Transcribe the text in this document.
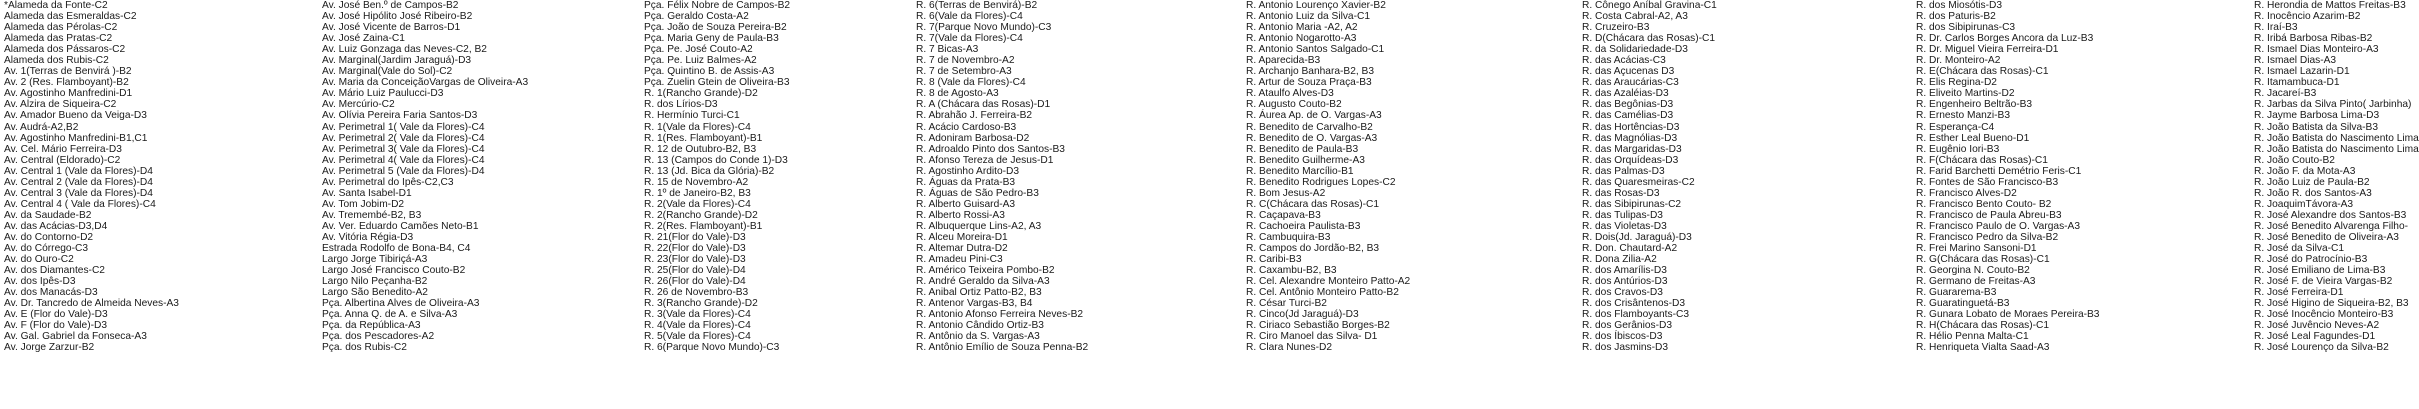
*Alameda da Fonte-C2
Alameda das Esmeraldas-C2
Alameda das Pérolas-C2
Alameda das Pratas-C2
Alameda dos Pássaros-C2
Alameda dos Rubis-C2
Av. 1(Terras de Benvirá )-B2
Av. 2 (Res. Flamboyant)-B2
Av. Agostinho Manfredini-D1
Av. Alzira de Siqueira-C2
Av. Amador Bueno da Veiga-D3
Av. Audrá-A2,B2
Av. Agostinho Manfredini-B1,C1
Av. Cel. Mário Ferreira-D3
Av. Central (Eldorado)-C2
Av. Central 1 (Vale da Flores)-D4
Av. Central 2 (Vale da Flores)-D4
Av. Central 3 (Vale da Flores)-D4
Av. Central 4 ( Vale da Flores)-C4
Av. da Saudade-B2
Av. das Acácias-D3,D4
Av. do Contorno-D2
Av. do Córrego-C3
Av. do Ouro-C2
Av. dos Diamantes-C2
Av. dos Ipês-D3
Av. dos Manacás-D3
Av. Dr. Tancredo de Almeida Neves-A3
Av. E (Flor do Vale)-D3
Av. F (Flor do Vale)-D3
Av. Gal. Gabriel da Fonseca-A3
Av. Jorge Zarzur-B2
Av. José Ben.º de Campos-B2
Av. José Hipólito José Ribeiro-B2
Av. José Vicente de Barros-D1
Av. José Zaina-C1
Av. Luiz Gonzaga das Neves-C2, B2
Av. Marginal(Jardim Jaraguá)-D3
Av. Marginal(Vale do Sol)-C2
Av. Maria da ConceiçãoVargas de Oliveira-A3
Av. Mário Luiz Paulucci-D3
Av. Mercúrio-C2
Av. Olívia Pereira Faria Santos-D3
Av. Perimetral 1( Vale da Flores)-C4
Av. Perimetral 2( Vale da Flores)-C4
Av. Perimetral 3( Vale da Flores)-C4
Av. Perimetral 4( Vale da Flores)-C4
Av. Perimetral 5 (Vale da Flores)-D4
Av. Perimetral do Ipês-C2,C3
Av. Santa Isabel-D1
Av. Tom Jobim-D2
Av. Tremembé-B2, B3
Av. Ver. Eduardo Camões Neto-B1
Av. Vitória Régia-D3
Estrada Rodolfo de Bona-B4, C4
Largo Jorge Tibiriçá-A3
Largo José Francisco Couto-B2
Largo Nilo Peçanha-B2
Largo São Benedito-A2
Pça. Albertina Alves de Oliveira-A3
Pça. Anna Q. de A. e Silva-A3
Pça. da República-A3
Pça. dos Pescadores-A2
Pça. dos Rubis-C2
Pça. Félix Nobre de Campos-B2
Pça. Geraldo Costa-A2
Pça. João de Souza Pereira-B2
Pça. Maria Geny de Paula-B3
Pça. Pe. José Couto-A2
Pça. Pe. Luiz Balmes-A2
Pça. Quintino B. de Assis-A3
Pça. Zuelin Gtein de Oliveira-B3
R. 1(Rancho Grande)-D2
R. dos Lírios-D3
R. Hermínio Turci-C1
R. 1(Vale da Flores)-C4
R. 1(Res. Flamboyant)-B1
R. 12 de Outubro-B2, B3
R. 13 (Campos do Conde 1)-D3
R. 13 (Jd. Bica da Glória)-B2
R. 15 de Novembro-A2
R. 1º de Janeiro-B2, B3
R. 2(Vale da Flores)-C4
R. 2(Rancho Grande)-D2
R. 2(Res. Flamboyant)-B1
R. 21(Flor do Vale)-D3
R. 22(Flor do Vale)-D3
R. 23(Flor do Vale)-D3
R. 25(Flor do Vale)-D4
R. 26(Flor do Vale)-D4
R. 26 de Novembro-B3
R. 3(Rancho Grande)-D2
R. 3(Vale da Flores)-C4
R. 4(Vale da Flores)-C4
R. 5(Vale da Flores)-C4
R. 6(Parque Novo Mundo)-C3
R. 6(Terras de Benvirá)-B2
R. 6(Vale da Flores)-C4
R. 7(Parque Novo Mundo)-C3
R. 7(Vale da Flores)-C4
R. 7 Bicas-A3
R. 7 de Novembro-A2
R. 7 de Setembro-A3
R. 8 (Vale da Flores)-C4
R. 8 de Agosto-A3
R. A (Chácara das Rosas)-D1
R. Abrahão J. Ferreira-B2
R. Acácio Cardoso-B3
R. Adoniram Barbosa-D2
R. Adroaldo Pinto dos Santos-B3
R. Afonso Tereza de Jesus-D1
R. Agostinho Ardito-D3
R. Águas da Prata-B3
R. Águas de São Pedro-B3
R. Alberto Guisard-A3
R. Alberto Rossi-A3
R. Albuquerque Lins-A2, A3
R. Alceu Moreira-D1
R. Altemar Dutra-D2
R. Amadeu Pini-C3
R. Américo Teixeira Pombo-B2
R. André Geraldo da Silva-A3
R. Anibal Ortiz Patto-B2, B3
R. Antenor Vargas-B3, B4
R. Antonio Afonso Ferreira Neves-B2
R. Antonio Cândido Ortiz-B3
R. Antônio da S. Vargas-A3
R. Antônio Emílio de Souza Penna-B2
R. Antonio Lourenço Xavier-B2
R. Antonio Luiz da Silva-C1
R. Antonio Maria -A2, A2
R. Antonio Nogarotto-A3
R. Antonio Santos Salgado-C1
R. Aparecida-B3
R. Archanjo Banhara-B2, B3
R. Artur de Souza Praça-B3
R. Ataulfo Alves-D3
R. Augusto Couto-B2
R. Áurea Ap. de O. Vargas-A3
R. Benedito de Carvalho-B2
R. Benedito de O. Vargas-A3
R. Benedito de Paula-B3
R. Benedito Guilherme-A3
R. Benedito Marcílio-B1
R. Benedito Rodrigues Lopes-C2
R. Bom Jesus-A2
R. C(Chácara das Rosas)-C1
R. Caçapava-B3
R. Cachoeira Paulista-B3
R. Cambuquira-B3
R. Campos do Jordão-B2, B3
R. Caribi-B3
R. Caxambu-B2, B3
R. Cel. Alexandre Monteiro Patto-A2
R. Cel. Antônio Monteiro Patto-B2
R. César Turci-B2
R. Cinco(Jd Jaraguá)-D3
R. Ciriaco Sebastião Borges-B2
R. Ciro Manoel das Silva- D1
R. Clara Nunes-D2
R. Cônego Aníbal Gravina-C1
R. Costa Cabral-A2, A3
R. Cruzeiro-B3
R. D(Chácara das Rosas)-C1
R. da Solidariedade-D3
R. das Acácias-C3
R. das Açucenas D3
R. das Araucárias-C3
R. das Azaléias-D3
R. das Begônias-D3
R. das Camélias-D3
R. das Hortências-D3
R. das Magnólias-D3
R. das Margaridas-D3
R. das Orquídeas-D3
R. das Palmas-D3
R. das Quaresmeiras-C2
R. das Rosas-D3
R. das Sibipirunas-C2
R. das Tulipas-D3
R. das Violetas-D3
R. Dois(Jd. Jaraguá)-D3
R. Don. Chautard-A2
R. Dona Zilia-A2
R. dos Amarílis-D3
R. dos Antúrios-D3
R. dos Cravos-D3
R. dos Crisântenos-D3
R. dos Flamboyants-C3
R. dos Gerânios-D3
R. dos Íbiscos-D3
R. dos Jasmins-D3
R. dos Miosótis-D3
R. dos Paturis-B2
R. dos Sibipirunas-C3
R. Dr. Carlos Borges Ancora da Luz-B3
R. Dr. Miguel Vieira Ferreira-D1
R. Dr. Monteiro-A2
R. E(Chácara das Rosas)-C1
R. Elis Regina-D2
R. Eliveito Martins-D2
R. Engenheiro Beltrão-B3
R. Ernesto Manzi-B3
R. Esperança-C4
R. Esther Leal Bueno-D1
R. Eugênio Iori-B3
R. F(Chácara das Rosas)-C1
R. Farid Barchetti Demétrio Feris-C1
R. Fontes de São Francisco-B3
R. Francisco Alves-D2
R. Francisco Bento Couto- B2
R. Francisco de Paula Abreu-B3
R. Francisco Paulo de O. Vargas-A3
R. Francisco Pedro da Silva-B2
R. Frei Marino Sansoni-D1
R. G(Chácara das Rosas)-C1
R. Georgina N. Couto-B2
R. Germano de Freitas-A3
R. Guararema-B3
R. Guaratinguetá-B3
R. Gunara Lobato de Moraes Pereira-B3
R. H(Chácara das Rosas)-C1
R. Hélio Penna Malta-C1
R. Henriqueta Vialta Saad-A3
R. Herondia de Mattos Freitas-B3
R. Inocêncio Azarim-B2
R. Iraí-B3
R. Iribá Barbosa Ribas-B2
R. Ismael Dias Monteiro-A3
R. Ismael Dias-A3
R. Ismael Lazarin-D1
R. Itamambuca-D1
R. Jacareí-B3
R. Jarbas da Silva Pinto( Jarbinha)
R. Jayme Barbosa Lima-D3
R. João Batista da Silva-B3
R. João Batista do Nascimento Lima
R. João Batista do Nascimento Lima
R. João Couto-B2
R. João F. da Mota-A3
R. João Luiz de Paula-B2
R. João R. dos Santos-A3
R. JoaquimTávora-A3
R. José Alexandre dos Santos-B3
R. José Benedito Alvarenga Filho-
R. José Benedito de Oliveira-A3
R. José da Silva-C1
R. José do Patrocínio-B3
R. José Emiliano de Lima-B3
R. José F. de Vieira Vargas-B2
R. José Ferreira-D1
R. José Higino de Siqueira-B2, B3
R. José Inocêncio Monteiro-B3
R. José Juvêncio Neves-A2
R. José Leal Fagundes-D1
R. José Lourenço da Silva-B2
